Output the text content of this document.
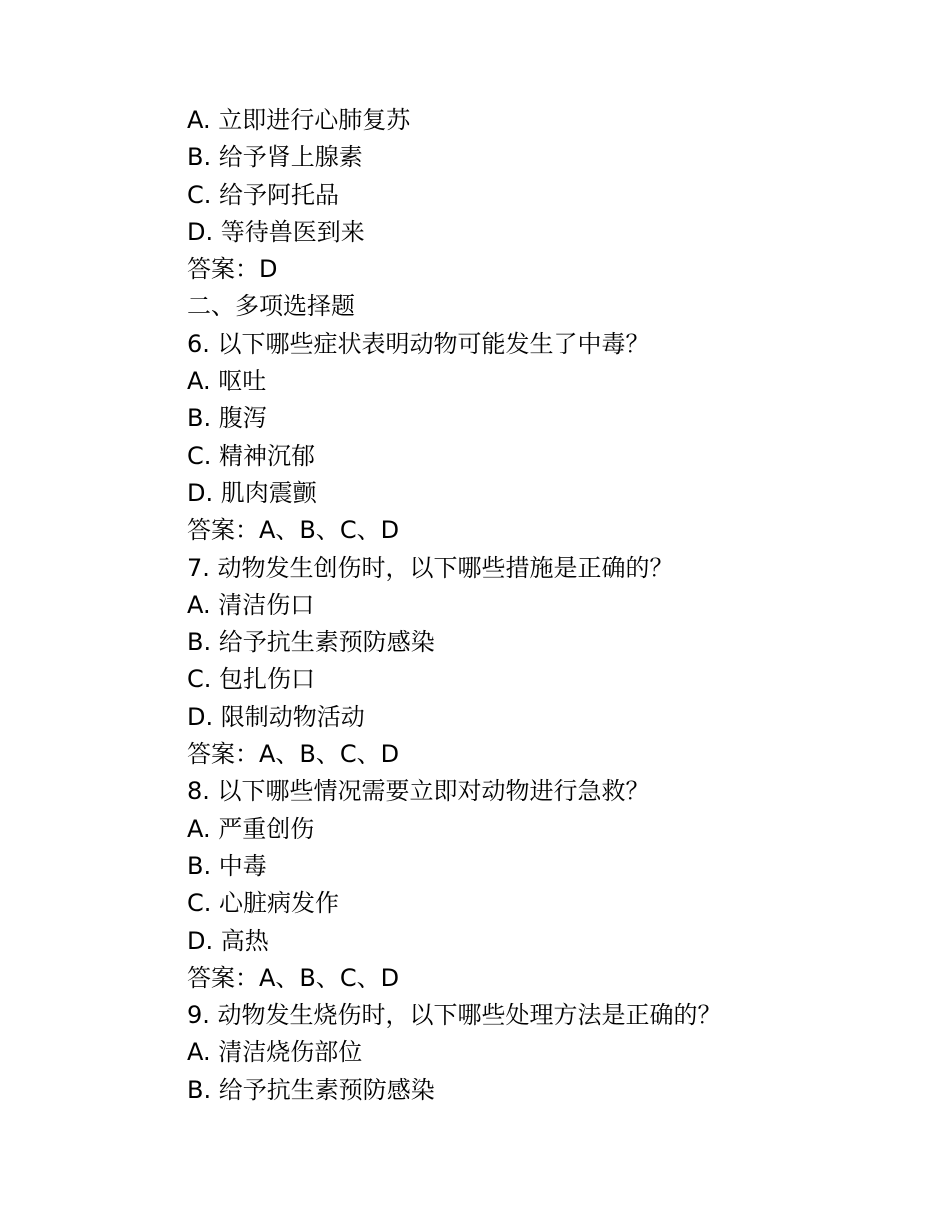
A. 立即进行心肺复苏
B. 给予肾上腺素
C. 给予阿托品
D. 等待兽医到来
答案：D
二、多项选择题
6. 以下哪些症状表明动物可能发生了中毒？
A. 呕吐
B. 腹泻
C. 精神沉郁
D. 肌肉震颤
答案：A、B、C、D
7. 动物发生创伤时，以下哪些措施是正确的？
A. 清洁伤口
B. 给予抗生素预防感染
C. 包扎伤口
D. 限制动物活动
答案：A、B、C、D
8. 以下哪些情况需要立即对动物进行急救？
A. 严重创伤
B. 中毒
C. 心脏病发作
D. 高热
答案：A、B、C、D
9. 动物发生烧伤时，以下哪些处理方法是正确的？
A. 清洁烧伤部位
B. 给予抗生素预防感染
